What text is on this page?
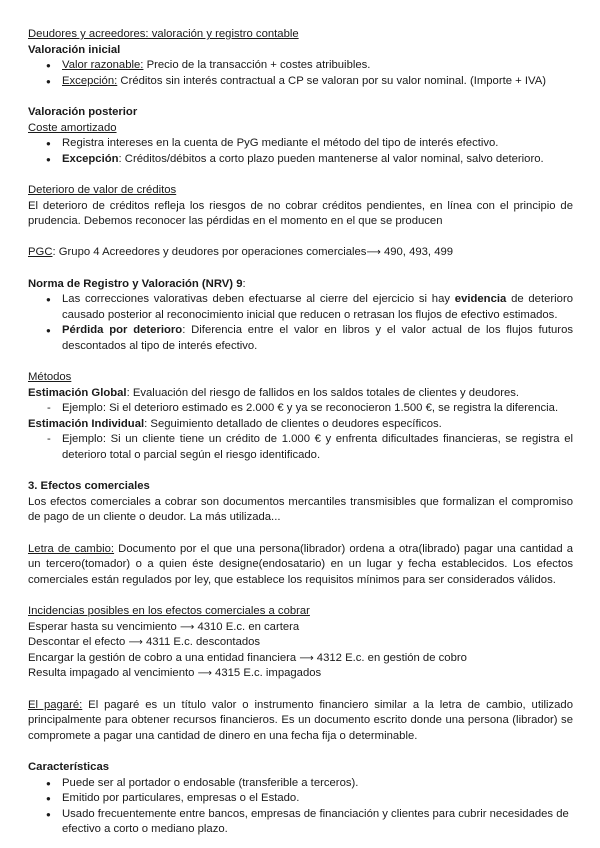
Deudores y acreedores: valoración y registro contable

Valoración inicial

● Valor razonable: Precio de la transacción + costes atribuibles.
● Excepción: Créditos sin interés contractual a CP se valoran por su valor nominal. (Importe + IVA)

Valoración posterior

Coste amortizado

● Registra intereses en la cuenta de PyG mediante el método del tipo de interés efectivo.
● Excepción: Créditos/débitos a corto plazo pueden mantenerse al valor nominal, salvo deterioro.

Deterioro de valor de créditos

El deterioro de créditos refleja los riesgos de no cobrar créditos pendientes, en línea con el principio de prudencia. Debemos reconocer las pérdidas en el momento en el que se producen

PGC: Grupo 4 Acreedores y deudores por operaciones comerciales⟶ 490, 493, 499

Norma de Registro y Valoración (NRV) 9:

● Las correcciones valorativas deben efectuarse al cierre del ejercicio si hay evidencia de deterioro causado posterior al reconocimiento inicial que reducen o retrasan los flujos de efectivo estimados.
● Pérdida por deterioro: Diferencia entre el valor en libros y el valor actual de los flujos futuros descontados al tipo de interés efectivo.

Métodos

Estimación Global: Evaluación del riesgo de fallidos en los saldos totales de clientes y deudores.

- Ejemplo: Si el deterioro estimado es 2.000 € y ya se reconocieron 1.500 €, se registra la diferencia.

Estimación Individual: Seguimiento detallado de clientes o deudores específicos.

- Ejemplo: Si un cliente tiene un crédito de 1.000 € y enfrenta dificultades financieras, se registra el deterioro total o parcial según el riesgo identificado.

3. Efectos comerciales

Los efectos comerciales a cobrar son documentos mercantiles transmisibles que formalizan el compromiso de pago de un cliente o deudor. La más utilizada...

Letra de cambio: Documento por el que una persona(librador) ordena a otra(librado) pagar una cantidad a un tercero(tomador) o a quien éste designe(endosatario) en un lugar y fecha establecidos. Los efectos comerciales están regulados por ley, que establece los requisitos mínimos para ser considerados válidos.

Incidencias posibles en los efectos comerciales a cobrar

Esperar hasta su vencimiento ⟶ 4310 E.c. en cartera

Descontar el efecto ⟶ 4311 E.c. descontados

Encargar la gestión de cobro a una entidad financiera ⟶ 4312 E.c. en gestión de cobro

Resulta impagado al vencimiento ⟶ 4315 E.c. impagados

El pagaré: El pagaré es un título valor o instrumento financiero similar a la letra de cambio, utilizado principalmente para obtener recursos financieros. Es un documento escrito donde una persona (librador) se compromete a pagar una cantidad de dinero en una fecha fija o determinable.

Características

● Puede ser al portador o endosable (transferible a terceros).
● Emitido por particulares, empresas o el Estado.
● Usado frecuentemente entre bancos, empresas de financiación y clientes para cubrir necesidades de efectivo a corto o mediano plazo.
